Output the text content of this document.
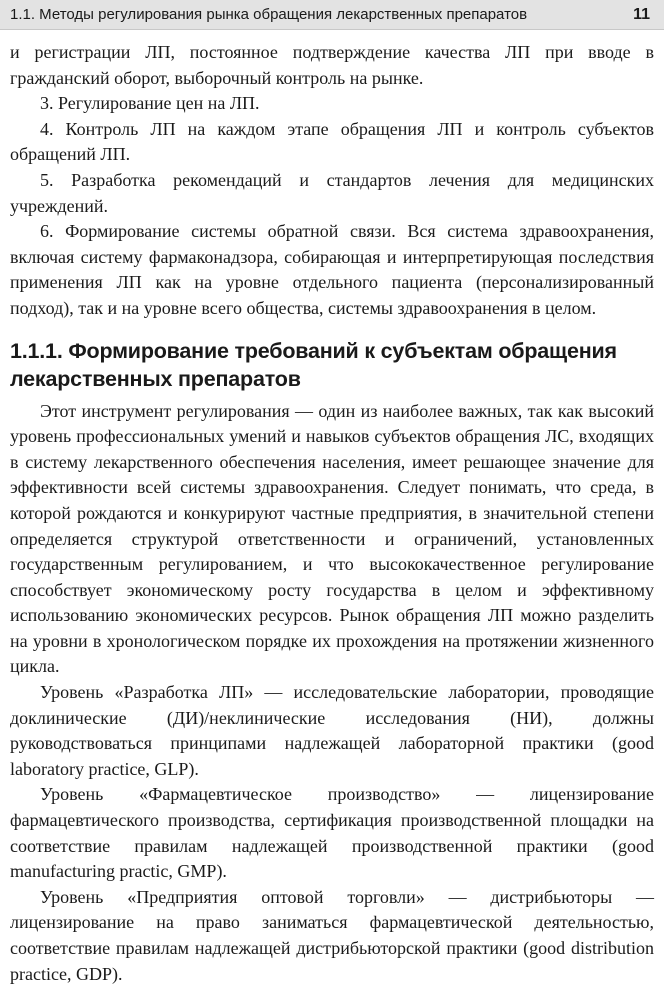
1.1. Методы регулирования рынка обращения лекарственных препаратов	11

и регистрации ЛП, постоянное подтверждение качества ЛП при вводе в гражданский оборот, выборочный контроль на рынке.

3. Регулирование цен на ЛП.

4. Контроль ЛП на каждом этапе обращения ЛП и контроль субъектов обращений ЛП.

5. Разработка рекомендаций и стандартов лечения для медицинских учреждений.

6. Формирование системы обратной связи. Вся система здравоохранения, включая систему фармаконадзора, собирающая и интерпретирующая последствия применения ЛП как на уровне отдельного пациента (персонализированный подход), так и на уровне всего общества, системы здравоохранения в целом.

1.1.1. Формирование требований к субъектам обращения лекарственных препаратов

Этот инструмент регулирования — один из наиболее важных, так как высокий уровень профессиональных умений и навыков субъектов обращения ЛС, входящих в систему лекарственного обеспечения населения, имеет решающее значение для эффективности всей системы здравоохранения. Следует понимать, что среда, в которой рождаются и конкурируют частные предприятия, в значительной степени определяется структурой ответственности и ограничений, установленных государственным регулированием, и что высококачественное регулирование способствует экономическому росту государства в целом и эффективному использованию экономических ресурсов. Рынок обращения ЛП можно разделить на уровни в хронологическом порядке их прохождения на протяжении жизненного цикла.

Уровень «Разработка ЛП» — исследовательские лаборатории, проводящие доклинические (ДИ)/неклинические исследования (НИ), должны руководствоваться принципами надлежащей лабораторной практики (good laboratory practice, GLP).

Уровень «Фармацевтическое производство» — лицензирование фармацевтического производства, сертификация производственной площадки на соответствие правилам надлежащей производственной практики (good manufacturing practic, GMP).

Уровень «Предприятия оптовой торговли» — дистрибьюторы — лицензирование на право заниматься фармацевтической деятельностью, соответствие правилам надлежащей дистрибьюторской практики (good distribution practice, GDP).
